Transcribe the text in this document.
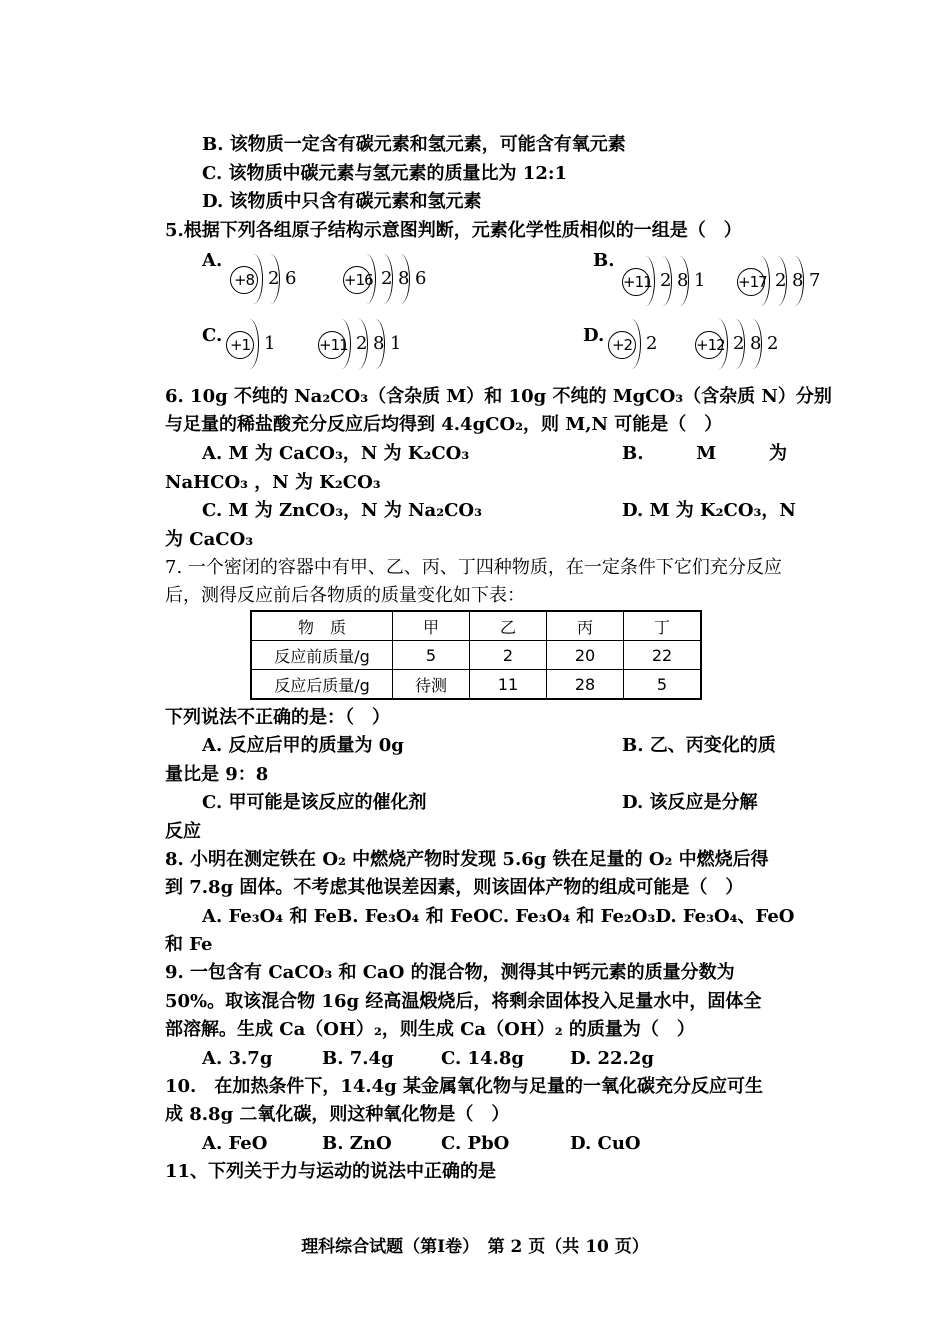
B. 该物质一定含有碳元素和氢元素，可能含有氧元素
C. 该物质中碳元素与氢元素的质量比为 12:1
D. 该物质中只含有碳元素和氢元素
5.根据下列各组原子结构示意图判断，元素化学性质相似的一组是（　）
A.
+8 2 6	+16 2 8 6
B.
+11 2 8 1 +17 2 8 7
C. +1 1	+11 2 8 1	D. +2 2	+12 2 8 2
6. 10g 不纯的 Na₂CO₃（含杂质 M）和 10g 不纯的 MgCO₃（含杂质 N）分别
与足量的稀盐酸充分反应后均得到 4.4gCO₂，则 M,N 可能是（　）
A. M 为 CaCO₃，N 为 K₂CO₃	B.	M	为
NaHCO₃ ，N 为 K₂CO₃
C. M 为 ZnCO₃，N 为 Na₂CO₃	D. M 为 K₂CO₃，N
为 CaCO₃
7. 一个密闭的容器中有甲、乙、丙、丁四种物质，在一定条件下它们充分反应
后，测得反应前后各物质的质量变化如下表：
物　质	甲	乙	丙	丁
反应前质量/g	5	2	20	22
反应后质量/g	待测	11	28	5
下列说法不正确的是：（　）
A. 反应后甲的质量为 0g	B. 乙、丙变化的质
量比是 9：8
C. 甲可能是该反应的催化剂	D. 该反应是分解
反应
8. 小明在测定铁在 O₂ 中燃烧产物时发现 5.6g 铁在足量的 O₂ 中燃烧后得
到 7.8g 固体。不考虑其他误差因素，则该固体产物的组成可能是（　）
A. Fe₃O₄ 和 Fe B. Fe₃O₄ 和 FeO C. Fe₃O₄ 和 Fe₂O₃ D. Fe₃O₄、FeO
和 Fe
9. 一包含有 CaCO₃ 和 CaO 的混合物，测得其中钙元素的质量分数为
50%。取该混合物 16g 经高温煅烧后，将剩余固体投入足量水中，固体全
部溶解。生成 Ca（OH）₂，则生成 Ca（OH）₂ 的质量为（　）
A. 3.7g	B. 7.4g	C. 14.8g	D. 22.2g
10.　在加热条件下，14.4g 某金属氧化物与足量的一氧化碳充分反应可生
成 8.8g 二氧化碳，则这种氧化物是（　）
A. FeO	B. ZnO	C. PbO	D. CuO
11、下列关于力与运动的说法中正确的是
理科综合试题（第Ⅰ卷）　第 2 页（共 10 页）
